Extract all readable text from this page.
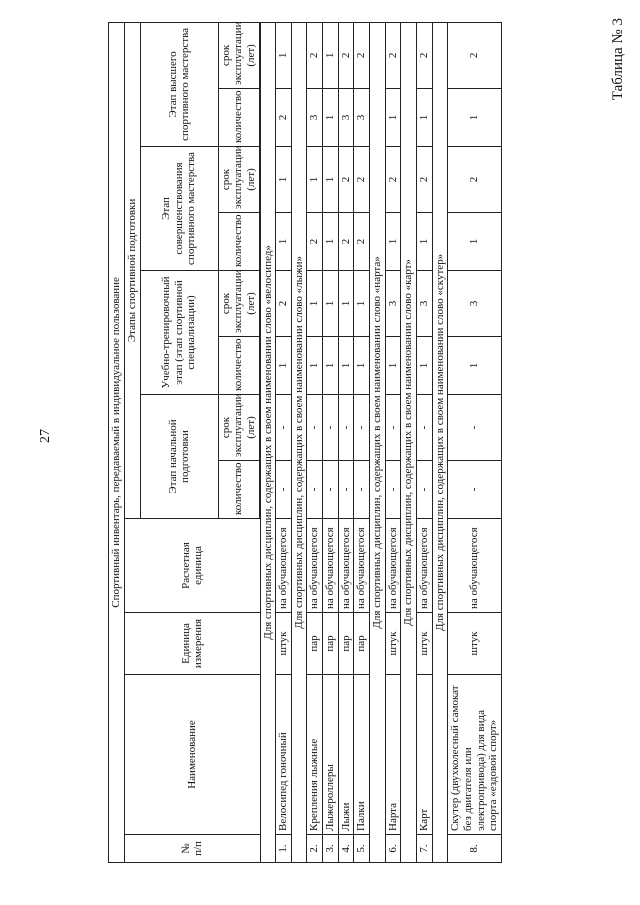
27
Таблица № 3
Спортивный инвентарь, передаваемый в индивидуальное пользование											
№ п/п	Наименование	Единица измерения	Расчетная единица	Этапы спортивной подготовки							
				Этап начальной подготовки		Учебно-тренировочный этап (этап спортивной специализации)		Этап совершенствования спортивного мастерства		Этап высшего спортивного мастерства	
				количество	срок эксплуатации (лет)	количество	срок эксплуатации (лет)	количество	срок эксплуатации (лет)	количество	срок эксплуатации (лет)

Для спортивных дисциплин, содержащих в своем наименовании слово «велосипед»											
1.	Велосипед гоночный	штук	на обучающегося	-	-	1	2	1	1	2	1
Для спортивных дисциплин, содержащих в своем наименовании слово «лыжи»											
2.	Крепления лыжные	пар	на обучающегося	-	-	1	1	2	1	3	2
3.	Лыжероллеры	пар	на обучающегося	-	-	1	1	1	1	1	1
4.	Лыжи	пар	на обучающегося	-	-	1	1	2	2	3	2
5.	Палки	пар	на обучающегося	-	-	1	1	2	2	3	2
Для спортивных дисциплин, содержащих в своем наименовании слово «нарта»											
6.	Нарта	штук	на обучающегося	-	-	1	3	1	2	1	2
Для спортивных дисциплин, содержащих в своем наименовании слово «карт»											
7.	Карт	штук	на обучающегося	-	-	1	3	1	2	1	2
Для спортивных дисциплин, содержащих в своем наименовании слово «скутер»											
8.	Скутер (двухколесный самокат без двигателя или электропривода) для вида спорта «ездовой спорт»	штук	на обучающегося	-	-	1	3	1	2	1	2
